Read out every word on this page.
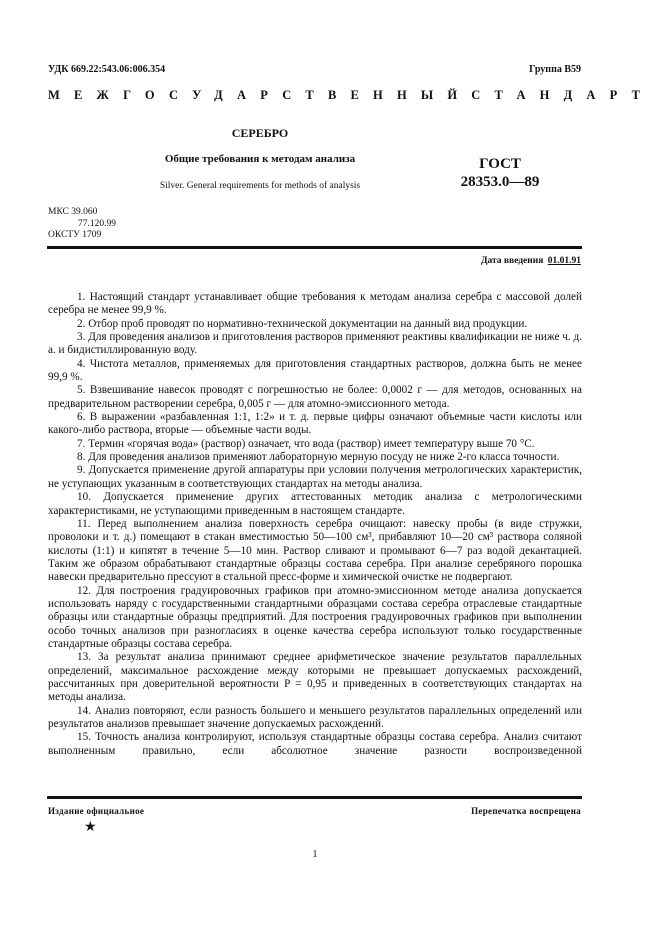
УДК 669.22:543.06:006.354	Группа B59
МЕЖГОСУДАРСТВЕННЫЙ СТАНДАРТ
СЕРЕБРО
Общие требования к методам анализа
Silver. General requirements for methods of analysis
ГОСТ
28353.0—89
МКС 39.060
77.120.99
ОКСТУ 1709
Дата введения 01.01.91

1. Настоящий стандарт устанавливает общие требования к методам анализа серебра с массовой долей серебра не менее 99,9 %.

2. Отбор проб проводят по нормативно-технической документации на данный вид продукции.

3. Для проведения анализов и приготовления растворов применяют реактивы квалификации не ниже ч. д. а. и бидистиллированную воду.

4. Чистота металлов, применяемых для приготовления стандартных растворов, должна быть не менее 99,9 %.

5. Взвешивание навесок проводят с погрешностью не более: 0,0002 г — для методов, основанных на предварительном растворении серебра, 0,005 г — для атомно-эмиссионного метода.

6. В выражении «разбавленная 1:1, 1:2» и т. д. первые цифры означают объемные части кислоты или какого-либо раствора, вторые — объемные части воды.

7. Термин «горячая вода» (раствор) означает, что вода (раствор) имеет температуру выше 70 °С.

8. Для проведения анализов применяют лабораторную мерную посуду не ниже 2-го класса точности.

9. Допускается применение другой аппаратуры при условии получения метрологических характеристик, не уступающих указанным в соответствующих стандартах на методы анализа.

10. Допускается применение других аттестованных методик анализа с метрологическими характеристиками, не уступающими приведенным в настоящем стандарте.

11. Перед выполнением анализа поверхность серебра очищают: навеску пробы (в виде стружки, проволоки и т. д.) помещают в стакан вместимостью 50—100 см³, прибавляют 10—20 см³ раствора соляной кислоты (1:1) и кипятят в течение 5—10 мин. Раствор сливают и промывают 6—7 раз водой декантацией. Таким же образом обрабатывают стандартные образцы состава серебра. При анализе серебряного порошка навески предварительно прессуют в стальной пресс-форме и химической очистке не подвергают.

12. Для построения градуировочных графиков при атомно-эмиссионном методе анализа допускается использовать наряду с государственными стандартными образцами состава серебра отраслевые стандартные образцы или стандартные образцы предприятий. Для построения градуировочных графиков при выполнении особо точных анализов при разногласиях в оценке качества серебра используют только государственные стандартные образцы состава серебра.

13. За результат анализа принимают среднее арифметическое значение результатов параллельных определений, максимальное расхождение между которыми не превышает допускаемых расхождений, рассчитанных при доверительной вероятности P = 0,95 и приведенных в соответствующих стандартах на методы анализа.

14. Анализ повторяют, если разность большего и меньшего результатов параллельных определений или результатов анализов превышает значение допускаемых расхождений.

15. Точность анализа контролируют, используя стандартные образцы состава серебра. Анализ считают выполненным правильно, если абсолютное значение разности воспроизведенной

Издание официальное	Перепечатка воспрещена
★
1
